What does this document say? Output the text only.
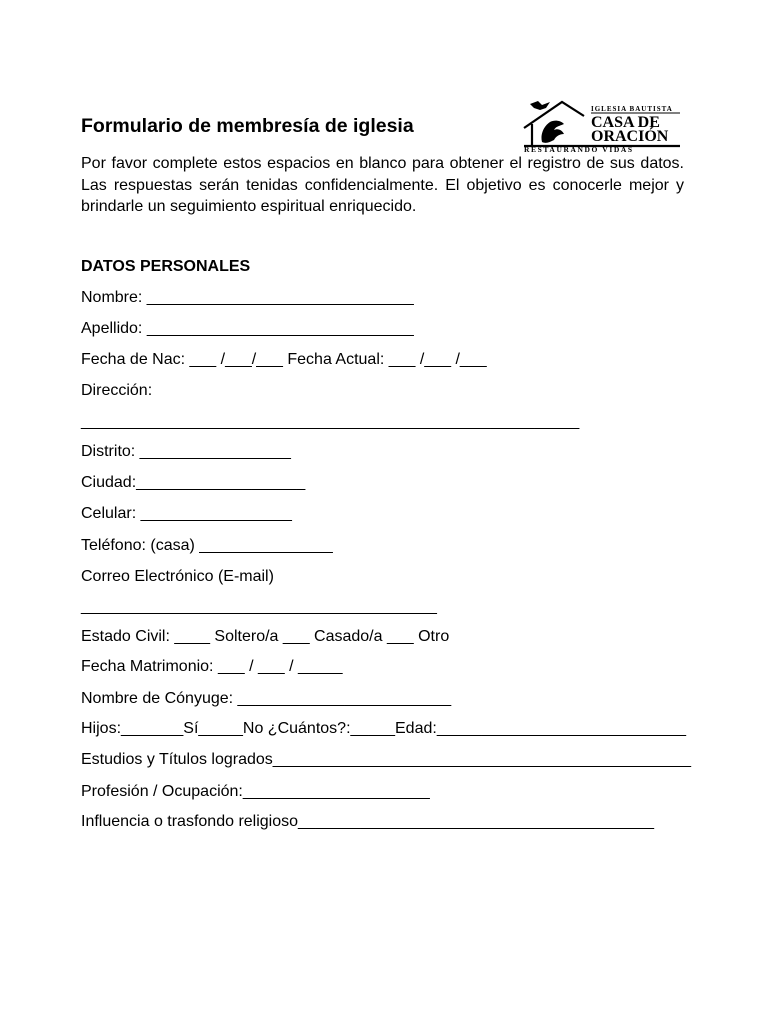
Formulario de membresía de iglesia
IGLESIA BAUTISTA
CASA DE
ORACIÓN
RESTAURANDO VIDAS
Por favor complete estos espacios en blanco para obtener el registro de sus datos. Las respuestas serán tenidas confidencialmente. El objetivo es conocerle mejor y brindarle un seguimiento espiritual enriquecido.
DATOS PERSONALES
Nombre: ______________________________
Apellido: ______________________________
Fecha de Nac: ___ /___/___ Fecha Actual: ___ /___ /___
Dirección:
________________________________________________________
Distrito: _________________
Ciudad:___________________
Celular: _________________
Teléfono: (casa) _______________
Correo Electrónico (E-mail)
________________________________________
Estado Civil: ____ Soltero/a ___ Casado/a ___ Otro
Fecha Matrimonio: ___ / ___ / _____
Nombre de Cónyuge: ________________________
Hijos:_______Sí_____No ¿Cuántos?:_____Edad:____________________________
Estudios y Títulos logrados_______________________________________________
Profesión / Ocupación:_____________________
Influencia o trasfondo religioso________________________________________
